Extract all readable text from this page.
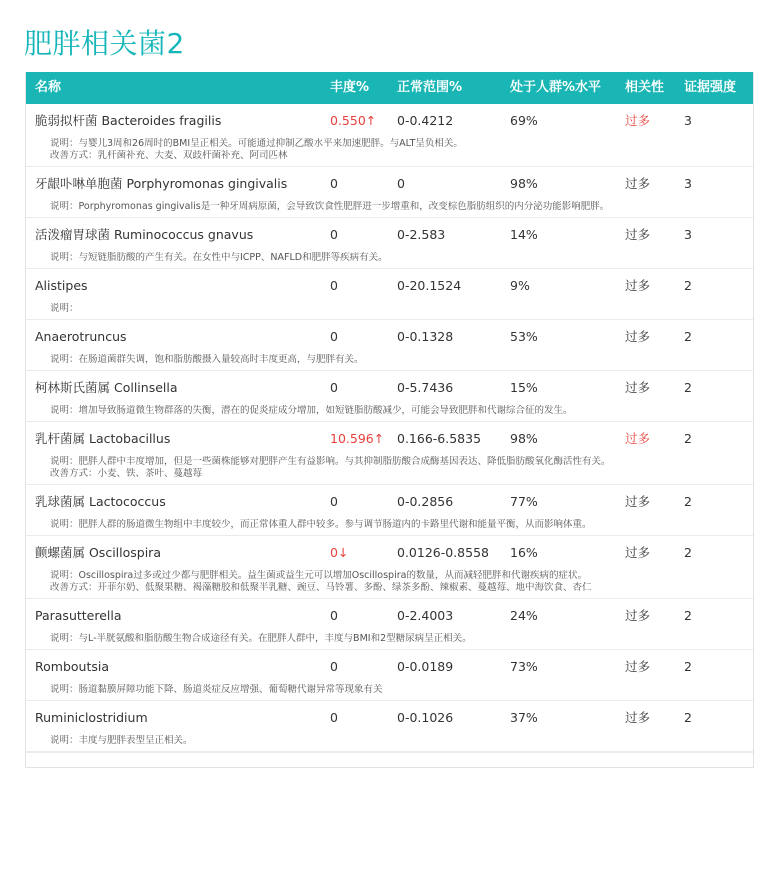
肥胖相关菌2
名称	丰度% 正常范围%	处于人群%水平 相关性 证据强度
脆弱拟杆菌 Bacteroides fragilis	0.550↑ 0-0.4212	69%	过多	3
说明：与婴儿3周和26周时的BMI呈正相关。可能通过抑制乙酸水平来加速肥胖。与ALT呈负相关。
改善方式：乳杆菌补充、大麦、双歧杆菌补充、阿司匹林
牙龈卟啉单胞菌 Porphyromonas gingivalis	0	0	98%	过多	3
说明：Porphyromonas gingivalis是一种牙周病原菌，会导致饮食性肥胖进一步增重和，改变棕色脂肪组织的内分泌功能影响肥胖。
活泼瘤胃球菌 Ruminococcus gnavus	0	0-2.583	14%	过多	3
说明：与短链脂肪酸的产生有关。在女性中与ICPP、NAFLD和肥胖等疾病有关。
Alistipes	0	0-20.1524	9%	过多	2
说明：
Anaerotruncus	0	0-0.1328	53%	过多	2
说明：在肠道菌群失调，饱和脂肪酸摄入量较高时丰度更高，与肥胖有关。
柯林斯氏菌属 Collinsella	0	0-5.7436	15%	过多	2
说明：增加导致肠道微生物群落的失衡，潜在的促炎症成分增加，如短链脂肪酸减少，可能会导致肥胖和代谢综合征的发生。
乳杆菌属 Lactobacillus	10.596↑ 0.166-6.5835 98%	过多	2
说明：肥胖人群中丰度增加，但是一些菌株能够对肥胖产生有益影响。与其抑制脂肪酸合成酶基因表达、降低脂肪酸氧化酶活性有关。
改善方式：小麦、铁、茶叶、蔓越莓
乳球菌属 Lactococcus	0	0-0.2856	77%	过多	2
说明：肥胖人群的肠道微生物组中丰度较少，而正常体重人群中较多。参与调节肠道内的卡路里代谢和能量平衡，从而影响体重。
颤螺菌属 Oscillospira	0↓	0.0126-0.8558 16%	过多	2
说明：Oscillospira过多或过少都与肥胖相关。益生菌或益生元可以增加Oscillospira的数量，从而减轻肥胖和代谢疾病的症状。
改善方式：开菲尔奶、低聚果糖、褐藻糖胶和低聚半乳糖、豌豆、马铃薯、多酚、绿茶多酚、辣椒素、蔓越莓、地中海饮食、杏仁
Parasutterella	0	0-2.4003	24%	过多	2
说明：与L-半胱氨酸和脂肪酸生物合成途径有关。在肥胖人群中，丰度与BMI和2型糖尿病呈正相关。
Romboutsia	0	0-0.0189	73%	过多	2
说明：肠道黏膜屏障功能下降、肠道炎症反应增强、葡萄糖代谢异常等现象有关
Ruminiclostridium	0	0-0.1026	37%	过多	2
说明：丰度与肥胖表型呈正相关。
